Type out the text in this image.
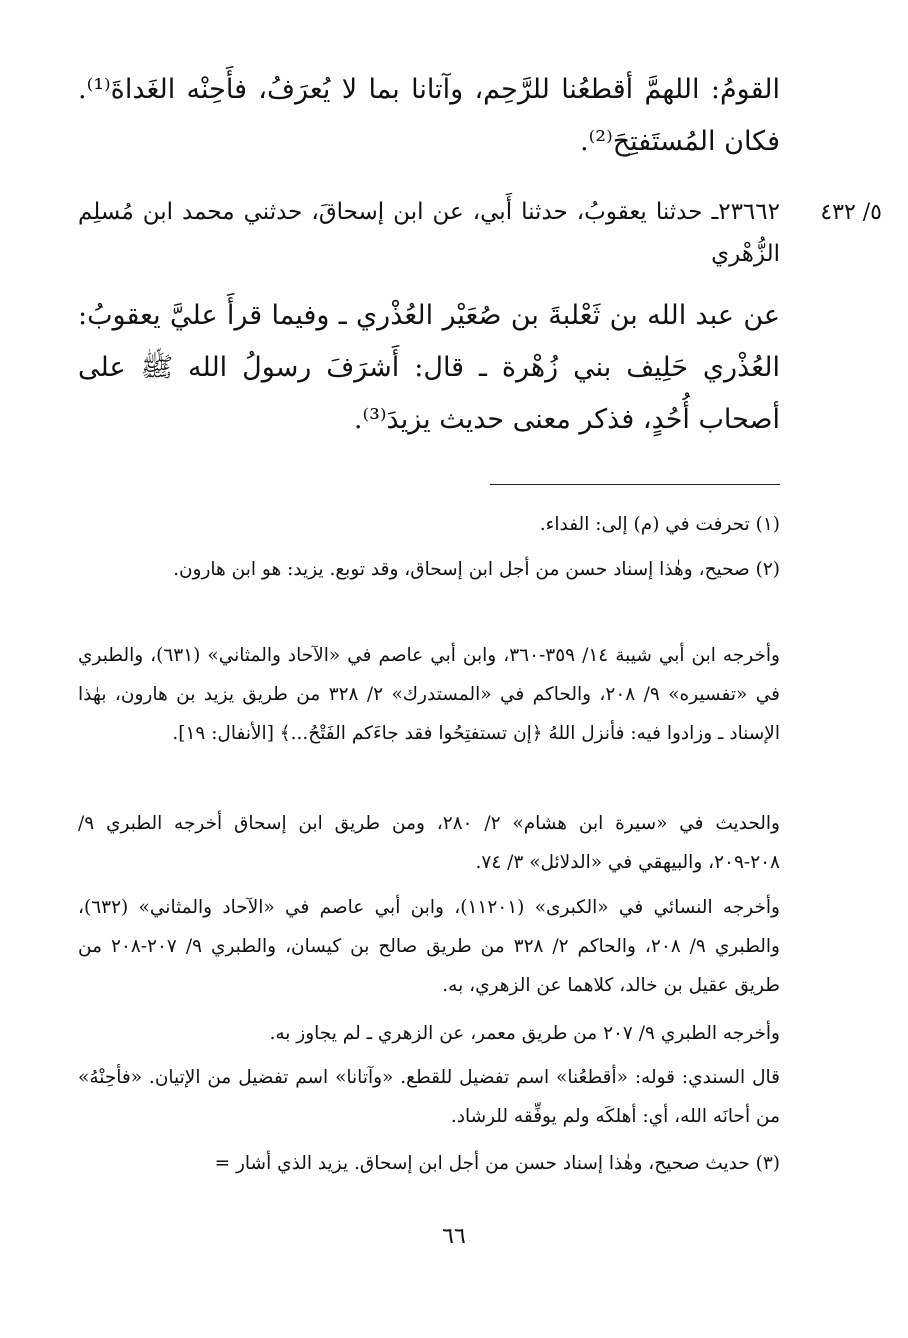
٥/ ٤٣٢

القومُ: اللهمَّ أقطعُنا للرَّحِم، وآتانا بما لا يُعرَفُ، فأَحِنْه الغَداةَ⁽¹⁾. فكان المُستَفتِحَ⁽²⁾.

٢٣٦٦٢ـ حدثنا يعقوبُ، حدثنا أَبي، عن ابن إسحاقَ، حدثني محمد ابن مُسلِم الزُّهْري

عن عبد الله بن ثَعْلبةَ بن صُعَيْر العُذْري ـ وفيما قرأَ عليَّ يعقوبُ: العُذْري حَلِيف بني زُهْرة ـ قال: أَشرَفَ رسولُ الله ﷺ على أصحاب أُحُدٍ، فذكر معنى حديث يزيدَ⁽³⁾.

(١) تحرفت في (م) إلى: الفداء.

(٢) صحيح، وهٰذا إسناد حسن من أجل ابن إسحاق، وقد توبع. يزيد: هو ابن هارون.

وأخرجه ابن أبي شيبة ١٤/ ٣٥٩-٣٦٠، وابن أبي عاصم في «الآحاد والمثاني» (٦٣١)، والطبري في «تفسيره» ٩/ ٢٠٨، والحاكم في «المستدرك» ٢/ ٣٢٨ من طريق يزيد بن هارون، بهٰذا الإسناد ـ وزادوا فيه: فأنزل اللهُ ﴿إن تستفتِحُوا فقد جاءَكم الفَتْحُ...﴾ [الأنفال: ١٩].

والحديث في «سيرة ابن هشام» ٢/ ٢٨٠، ومن طريق ابن إسحاق أخرجه الطبري ٩/ ٢٠٨-٢٠٩، والبيهقي في «الدلائل» ٣/ ٧٤.

وأخرجه النسائي في «الكبرى» (١١٢٠١)، وابن أبي عاصم في «الآحاد والمثاني» (٦٣٢)، والطبري ٩/ ٢٠٨، والحاكم ٢/ ٣٢٨ من طريق صالح بن كيسان، والطبري ٩/ ٢٠٧-٢٠٨ من طريق عقيل بن خالد، كلاهما عن الزهري، به.

وأخرجه الطبري ٩/ ٢٠٧ من طريق معمر، عن الزهري ـ لم يجاوز به.

قال السندي: قوله: «أقطعُنا» اسم تفضيل للقطع. «وآتانا» اسم تفضيل من الإتيان. «فأحِنْهُ» من أحانَه الله، أي: أهلكَه ولم يوفِّقه للرشاد.

(٣) حديث صحيح، وهٰذا إسناد حسن من أجل ابن إسحاق. يزيد الذي أشار =

٦٦
